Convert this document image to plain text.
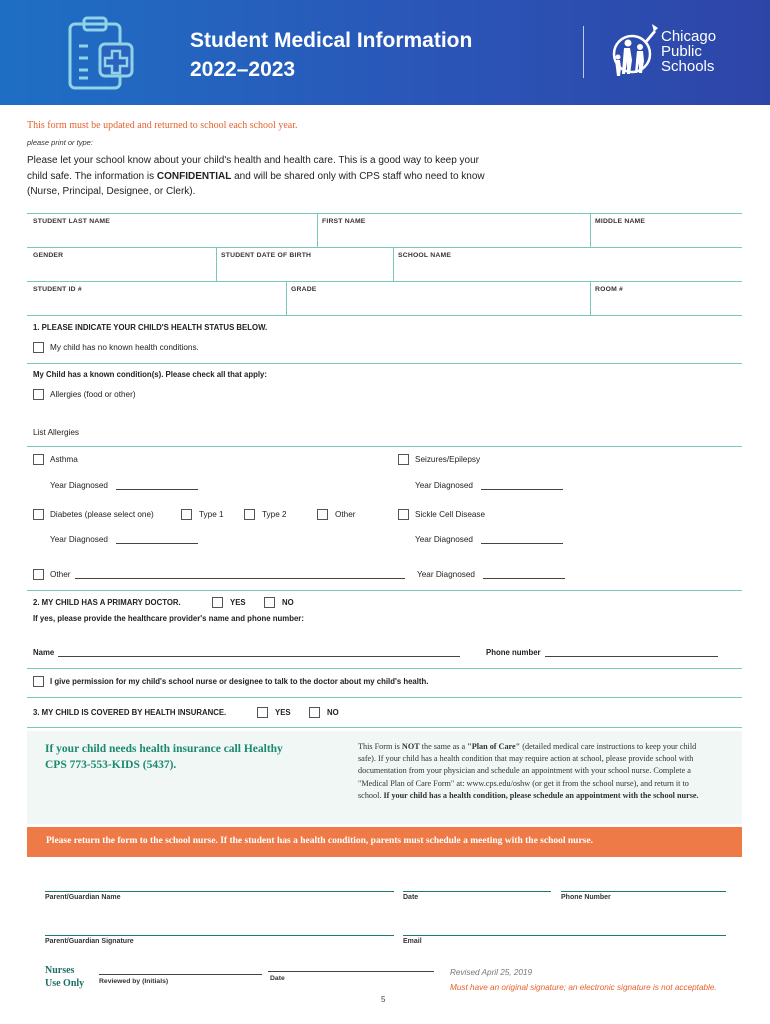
Student Medical Information
2022–2023
Chicago
Public
Schools
This form must be updated and returned to school each school year.
please print or type:
Please let your school know about your child's health and health care. This is a good way to keep your child safe. The information is CONFIDENTIAL and will be shared only with CPS staff who need to know (Nurse, Principal, Designee, or Clerk).
STUDENT LAST NAME	FIRST NAME	MIDDLE NAME
GENDER	STUDENT DATE OF BIRTH	SCHOOL NAME
STUDENT ID #	GRADE	ROOM #
1. PLEASE INDICATE YOUR CHILD'S HEALTH STATUS BELOW.
My child has no known health conditions.
My Child has a known condition(s). Please check all that apply:
Allergies (food or other)
List Allergies
Asthma	Seizures/Epilepsy
Year Diagnosed	Year Diagnosed
Diabetes (please select one)	Type 1	Type 2	Other	Sickle Cell Disease
Year Diagnosed	Year Diagnosed
Other	Year Diagnosed
2. MY CHILD HAS A PRIMARY DOCTOR.	YES	NO
If yes, please provide the healthcare provider's name and phone number:
Name	Phone number
I give permission for my child's school nurse or designee to talk to the doctor about my child's health.
3. MY CHILD IS COVERED BY HEALTH INSURANCE.	YES	NO
If your child needs health insurance call Healthy CPS 773-553-KIDS (5437).
This Form is NOT the same as a "Plan of Care" (detailed medical care instructions to keep your child safe). If your child has a health condition that may require action at school, please provide school with documentation from your physician and schedule an appointment with your school nurse. Complete a "Medical Plan of Care Form" at: www.cps.edu/oshw (or get it from the school nurse), and return it to school. If your child has a health condition, please schedule an appointment with the school nurse.
Please return the form to the school nurse. If the student has a health condition, parents must schedule a meeting with the school nurse.
Parent/Guardian Name	Date	Phone Number
Parent/Guardian Signature	Email
Nurses
Use Only Reviewed by (Initials)	Date
Revised April 25, 2019
Must have an original signature; an electronic signature is not acceptable.
5
